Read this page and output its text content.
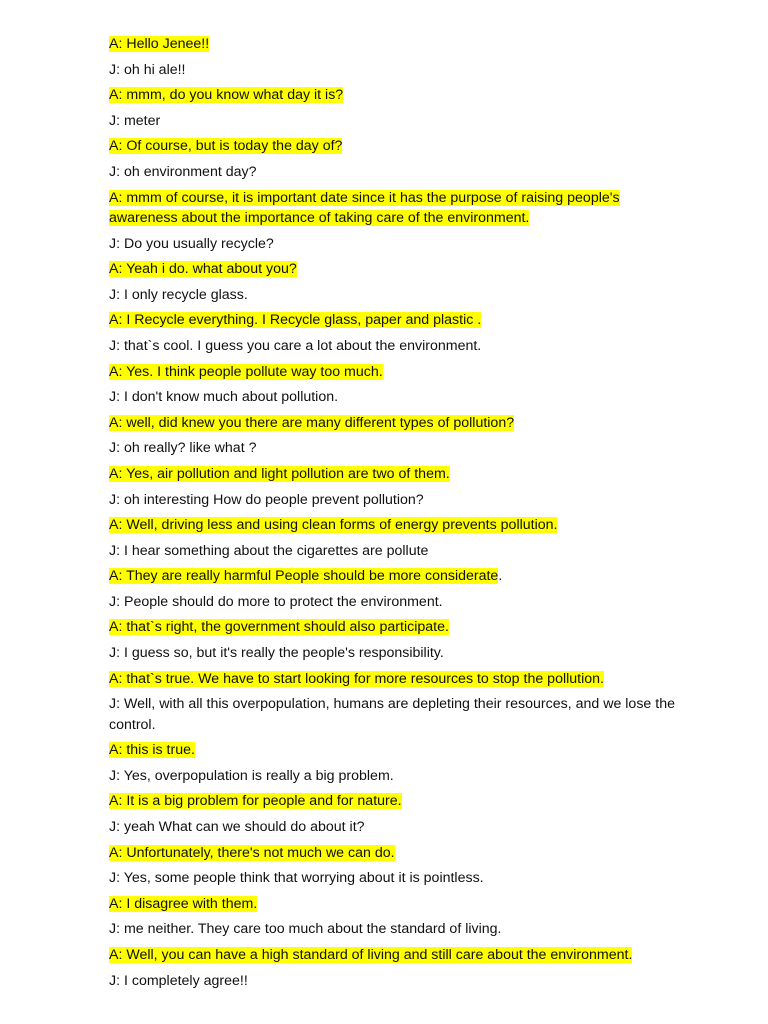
A: Hello Jenee!!

J: oh hi ale!!

A: mmm, do you know what day it is?

J: meter

A: Of course, but is today the day of?

J: oh environment day?

A: mmm of course, it is important date since it has the purpose of raising people's awareness about the importance of taking care of the environment.

J: Do you usually recycle?

A: Yeah i do. what about you?

J: I only recycle glass.

A: I Recycle everything. I Recycle glass, paper and plastic .

J: that`s cool. I guess you care a lot about the environment.

A: Yes. I think people pollute way too much.

J: I don't know much about pollution.

A: well, did knew you there are many different types of pollution?

J: oh really? like what ?

A: Yes, air pollution and light pollution are two of them.

J: oh interesting How do people prevent pollution?

A: Well, driving less and using clean forms of energy prevents pollution.

J: I hear something about the cigarettes are pollute

A: They are really harmful People should be more considerate.

J: People should do more to protect the environment.

A: that`s right, the government should also participate.

J: I guess so, but it's really the people's responsibility.

A: that`s true. We have to start looking for more resources to stop the pollution.

J: Well, with all this overpopulation, humans are depleting their resources, and we lose the control.

A: this is true.

J: Yes, overpopulation is really a big problem.

A: It is a big problem for people and for nature.

J: yeah What can we should do about it?

A: Unfortunately, there's not much we can do.

J: Yes, some people think that worrying about it is pointless.

A: I disagree with them.

J: me neither. They care too much about the standard of living.

A: Well, you can have a high standard of living and still care about the environment.

J: I completely agree!!
